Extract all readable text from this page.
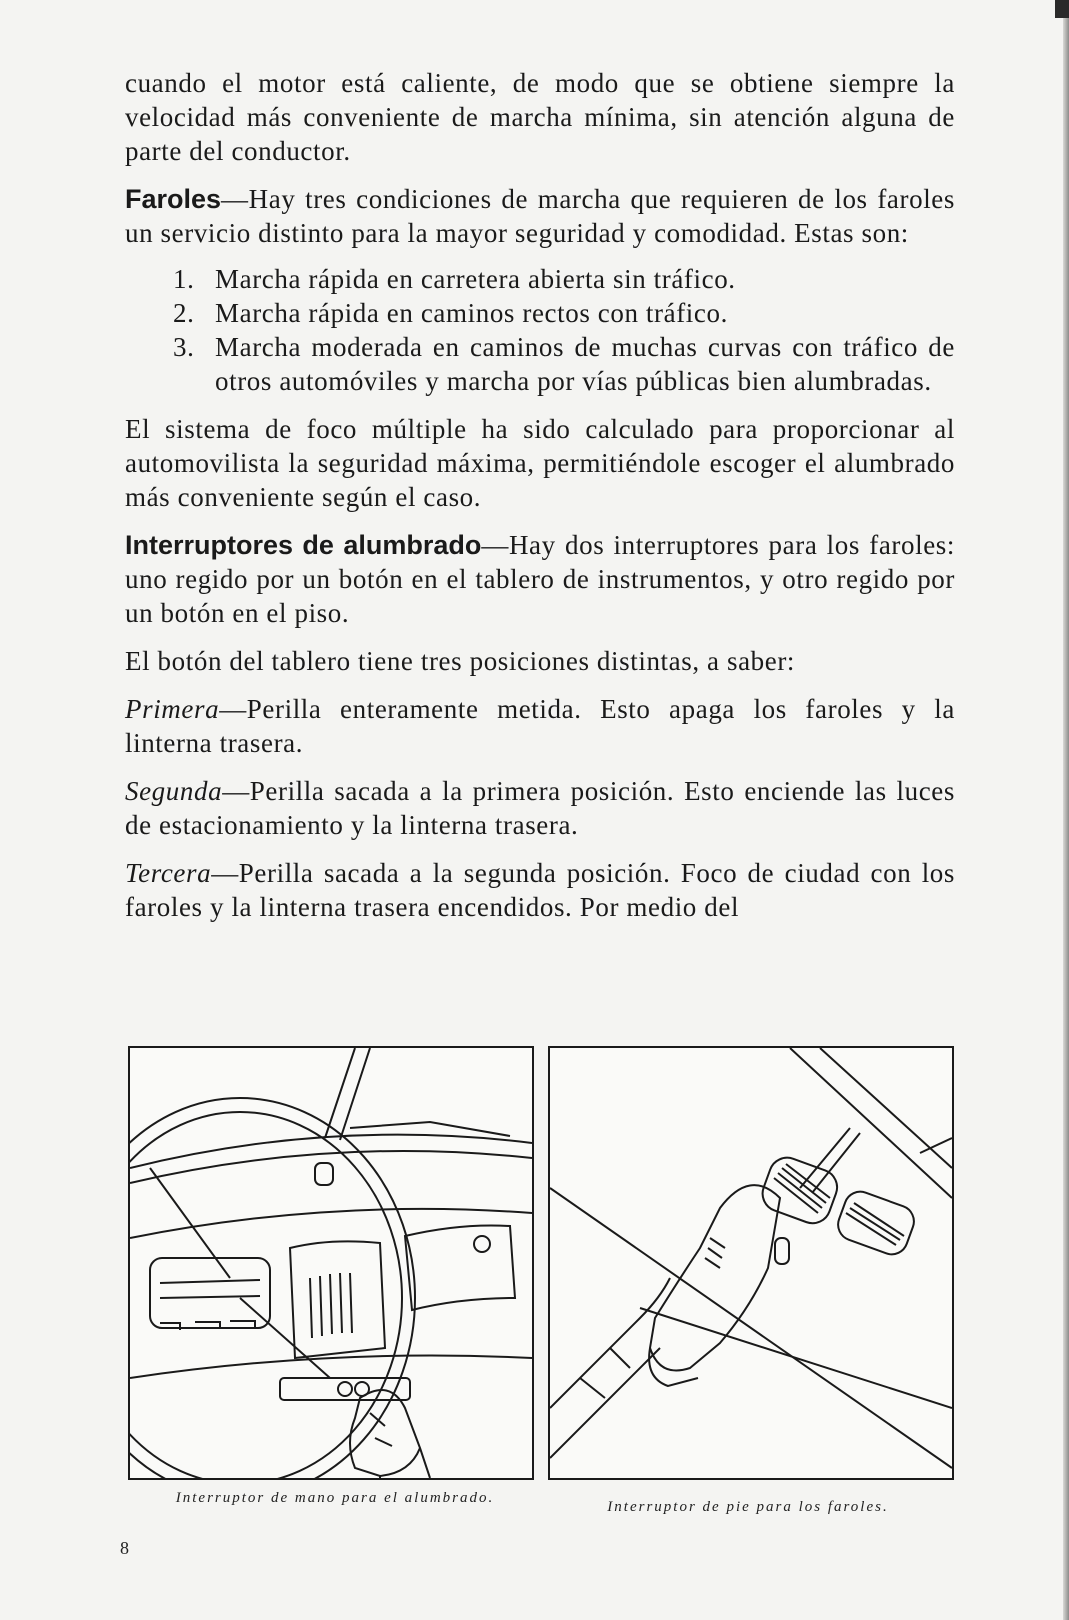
cuando el motor está caliente, de modo que se obtiene siempre la velocidad más conveniente de marcha mínima, sin atención alguna de parte del conductor.

Faroles—Hay tres condiciones de marcha que requieren de los faroles un servicio distinto para la mayor seguridad y comodidad. Estas son:

1. Marcha rápida en carretera abierta sin tráfico.
2. Marcha rápida en caminos rectos con tráfico.
3. Marcha moderada en caminos de muchas curvas con tráfico de otros automóviles y marcha por vías públicas bien alumbradas.

El sistema de foco múltiple ha sido calculado para proporcionar al automovilista la seguridad máxima, permitiéndole escoger el alumbrado más conveniente según el caso.

Interruptores de alumbrado—Hay dos interruptores para los faroles: uno regido por un botón en el tablero de instrumentos, y otro regido por un botón en el piso.

El botón del tablero tiene tres posiciones distintas, a saber:

Primera—Perilla enteramente metida. Esto apaga los faroles y la linterna trasera.

Segunda—Perilla sacada a la primera posición. Esto enciende las luces de estacionamiento y la linterna trasera.

Tercera—Perilla sacada a la segunda posición. Foco de ciudad con los faroles y la linterna trasera encendidos. Por medio del

Interruptor de mano para el alumbrado.
Interruptor de pie para los faroles.
8
